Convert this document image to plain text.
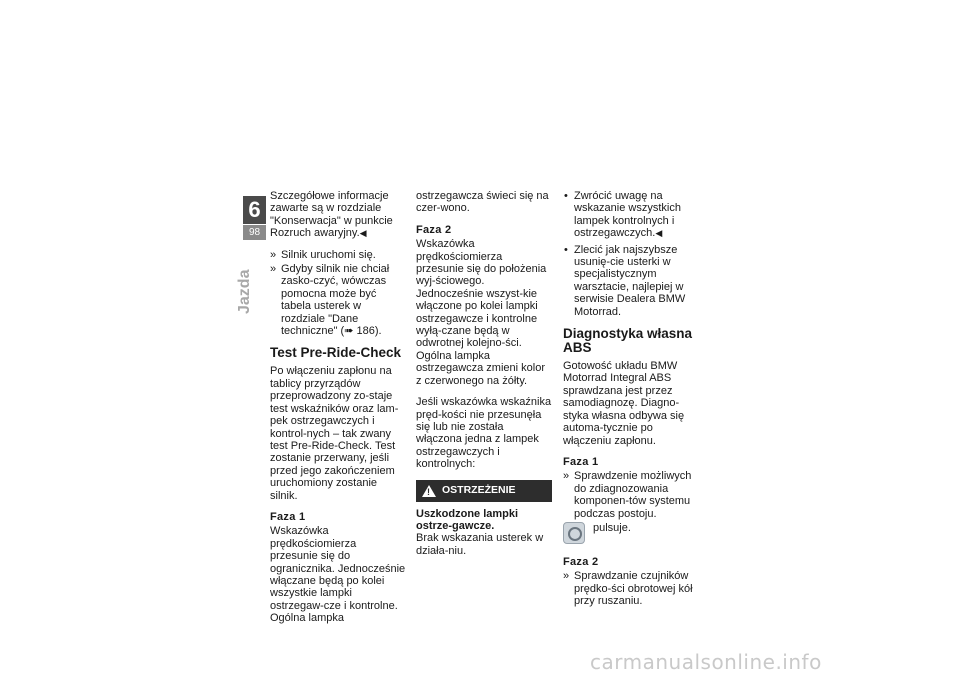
6
98
Jazda

Szczegółowe informacje zawarte są w rozdziale "Konserwacja" w punkcie Rozruch awaryjny.◀

» Silnik uruchomi się.
» Gdyby silnik nie chciał zasko-czyć, wówczas pomocna może być tabela usterek w rozdziale "Dane techniczne" (➠ 186).
Test Pre-Ride-Check

Po włączeniu zapłonu na tablicy przyrządów przeprowadzony zo-staje test wskaźników oraz lam-pek ostrzegawczych i kontrol-nych – tak zwany test Pre-Ride-Check. Test zostanie przerwany, jeśli przed jego zakończeniem uruchomiony zostanie silnik.

Faza 1

Wskazówka prędkościomierza przesunie się do ogranicznika. Jednocześnie włączane będą po kolei wszystkie lampki ostrzegaw-cze i kontrolne. Ogólna lampka

ostrzegawcza świeci się na czer-wono.

Faza 2

Wskazówka prędkościomierza przesunie się do położenia wyj-ściowego. Jednocześnie wszyst-kie włączone po kolei lampki ostrzegawcze i kontrolne wyłą-czane będą w odwrotnej kolejno-ści. Ogólna lampka ostrzegawcza zmieni kolor z czerwonego na żółty.

Jeśli wskazówka wskaźnika pręd-kości nie przesunęła się lub nie została włączona jedna z lampek ostrzegawczych i kontrolnych:

!
OSTRZEŻENIE

Uszkodzone lampki ostrze-gawcze.

Brak wskazania usterek w działa-niu.

• Zwrócić uwagę na wskazanie wszystkich lampek kontrolnych i ostrzegawczych.◀
• Zlecić jak najszybsze usunię-cie usterki w specjalistycznym warsztacie, najlepiej w serwisie Dealera BMW Motorrad.
Diagnostyka własna ABS

Gotowość układu BMW Motorrad Integral ABS sprawdzana jest przez samodiagnozę. Diagno-styka własna odbywa się automa-tycznie po włączeniu zapłonu.

Faza 1
» Sprawdzenie możliwych do zdiagnozowania komponen-tów systemu podczas postoju.
pulsuje.
Faza 2
» Sprawdzanie czujników prędko-ści obrotowej kół przy ruszaniu.
carmanualsonline.info
